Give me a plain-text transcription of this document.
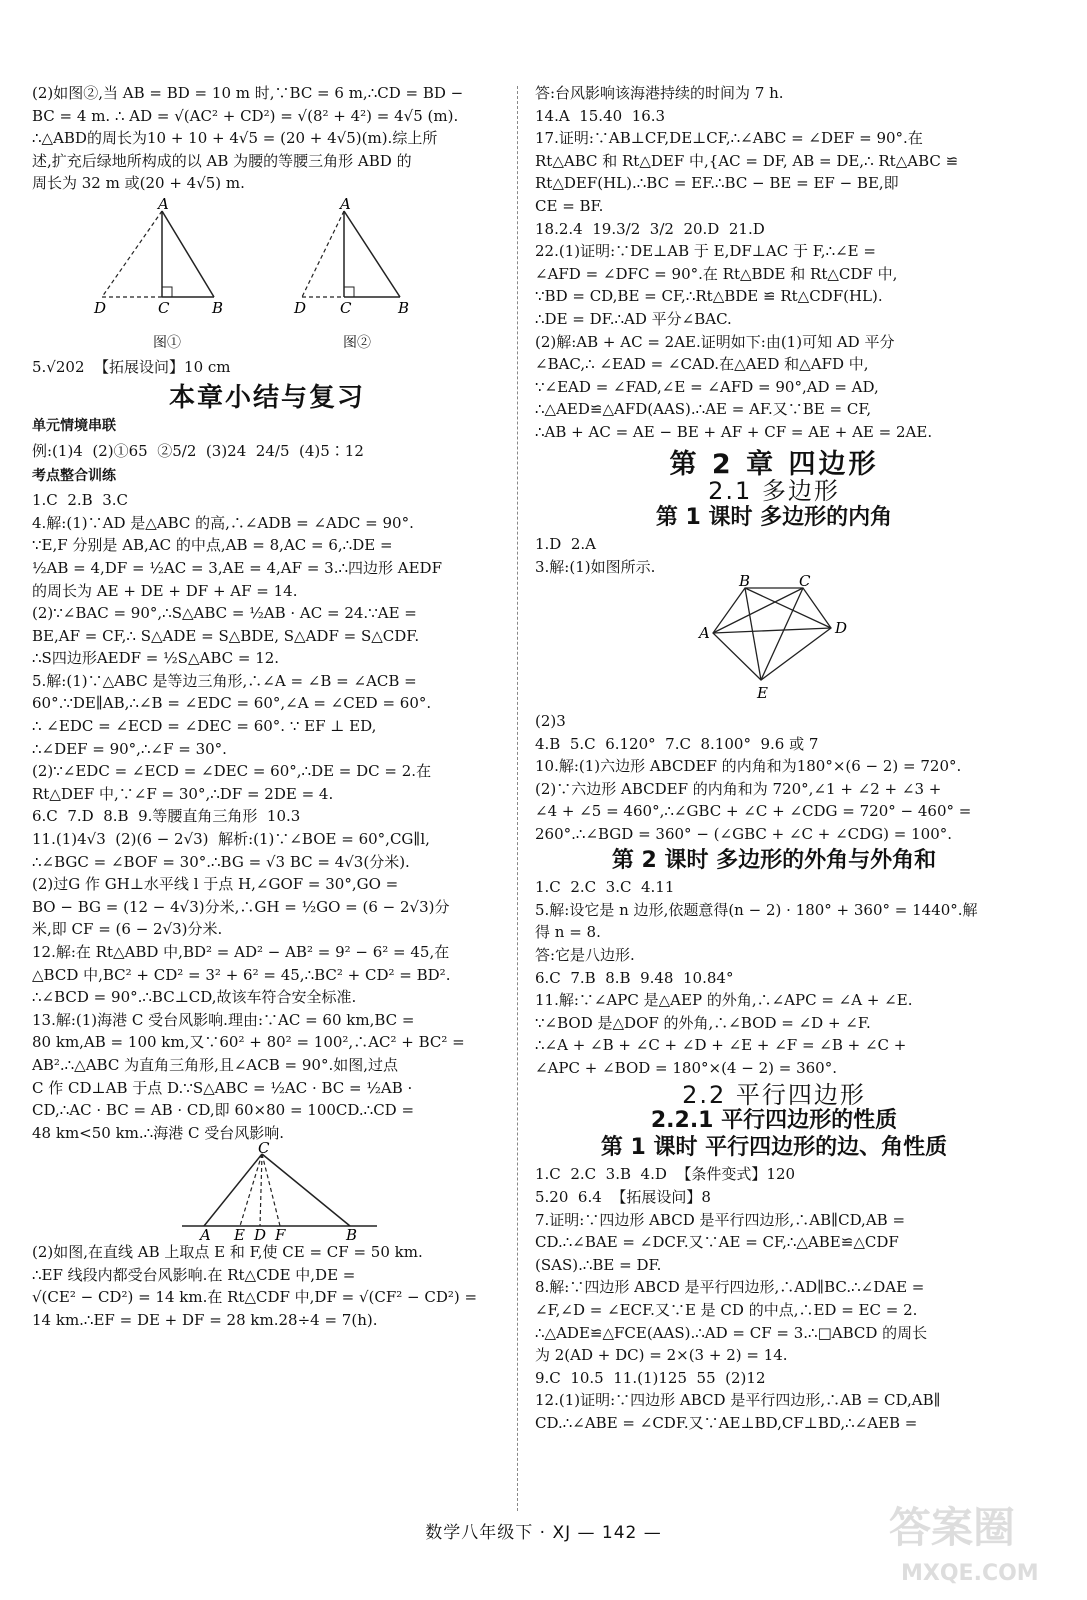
(2)如图②,当 AB = BD = 10 m 时,∵BC = 6 m,∴CD = BD −
BC = 4 m. ∴ AD = √(AC² + CD²) = √(8² + 4²) = 4√5 (m).
∴△ABD的周长为10 + 10 + 4√5 = (20 + 4√5)(m).综上所
述,扩充后绿地所构成的以 AB 为腰的等腰三角形 ABD 的
周长为 32 m 或(20 + 4√5) m.
A
D	C	B
图①
A
D C	B
图②
5.√202  【拓展设问】10 cm
本章小结与复习
单元情境串联
例:(1)4  (2)①65  ②5/2  (3)24  24/5  (4)5∶12
考点整合训练
1.C  2.B  3.C
4.解:(1)∵AD 是△ABC 的高,∴∠ADB = ∠ADC = 90°.
∵E,F 分别是 AB,AC 的中点,AB = 8,AC = 6,∴DE =
½AB = 4,DF = ½AC = 3,AE = 4,AF = 3.∴四边形 AEDF
的周长为 AE + DE + DF + AF = 14.
(2)∵∠BAC = 90°,∴S△ABC = ½AB · AC = 24.∵AE =
BE,AF = CF,∴ S△ADE = S△BDE, S△ADF = S△CDF.
∴S四边形AEDF = ½S△ABC = 12.
5.解:(1)∵△ABC 是等边三角形,∴∠A = ∠B = ∠ACB =
60°.∵DE∥AB,∴∠B = ∠EDC = 60°,∠A = ∠CED = 60°.
∴ ∠EDC = ∠ECD = ∠DEC = 60°. ∵ EF ⊥ ED,
∴∠DEF = 90°,∴∠F = 30°.
(2)∵∠EDC = ∠ECD = ∠DEC = 60°,∴DE = DC = 2.在
Rt△DEF 中,∵∠F = 30°,∴DF = 2DE = 4.
6.C  7.D  8.B  9.等腰直角三角形  10.3
11.(1)4√3  (2)(6 − 2√3)  解析:(1)∵∠BOE = 60°,CG∥l,
∴∠BGC = ∠BOF = 30°.∴BG = √3 BC = 4√3(分米).
(2)过G 作 GH⊥水平线 l 于点 H,∠GOF = 30°,GO =
BO − BG = (12 − 4√3)分米,∴GH = ½GO = (6 − 2√3)分
米,即 CF = (6 − 2√3)分米.
12.解:在 Rt△ABD 中,BD² = AD² − AB² = 9² − 6² = 45,在
△BCD 中,BC² + CD² = 3² + 6² = 45,∴BC² + CD² = BD².
∴∠BCD = 90°.∴BC⊥CD,故该车符合安全标准.
13.解:(1)海港 C 受台风影响.理由:∵AC = 60 km,BC =
80 km,AB = 100 km,又∵60² + 80² = 100²,∴AC² + BC² =
AB².∴△ABC 为直角三角形,且∠ACB = 90°.如图,过点
C 作 CD⊥AB 于点 D.∵S△ABC = ½AC · BC = ½AB ·
CD,∴AC · BC = AB · CD,即 60×80 = 100CD.∴CD =
48 km<50 km.∴海港 C 受台风影响.
C
A E D F	B
(2)如图,在直线 AB 上取点 E 和 F,使 CE = CF = 50 km.
∴EF 线段内都受台风影响.在 Rt△CDE 中,DE =
√(CE² − CD²) = 14 km.在 Rt△CDF 中,DF = √(CF² − CD²) =
14 km.∴EF = DE + DF = 28 km.28÷4 = 7(h).
答:台风影响该海港持续的时间为 7 h.
14.A  15.40  16.3
17.证明:∵AB⊥CF,DE⊥CF,∴∠ABC = ∠DEF = 90°.在
Rt△ABC 和 Rt△DEF 中,{AC = DF, AB = DE,∴ Rt△ABC ≌
Rt△DEF(HL).∴BC = EF.∴BC − BE = EF − BE,即
CE = BF.
18.2.4  19.3/2  3/2  20.D  21.D
22.(1)证明:∵DE⊥AB 于 E,DF⊥AC 于 F,∴∠E =
∠AFD = ∠DFC = 90°.在 Rt△BDE 和 Rt△CDF 中,
∵BD = CD,BE = CF,∴Rt△BDE ≌ Rt△CDF(HL).
∴DE = DF.∴AD 平分∠BAC.
(2)解:AB + AC = 2AE.证明如下:由(1)可知 AD 平分
∠BAC,∴ ∠EAD = ∠CAD.在△AED 和△AFD 中,
∵∠EAD = ∠FAD,∠E = ∠AFD = 90°,AD = AD,
∴△AED≌△AFD(AAS).∴AE = AF.又∵BE = CF,
∴AB + AC = AE − BE + AF + CF = AE + AE = 2AE.
第 2 章 四边形
2.1 多边形
第 1 课时 多边形的内角
1.D  2.A
3.解:(1)如图所示.
B	C
D
E
A
(2)3
4.B  5.C  6.120°  7.C  8.100°  9.6 或 7
10.解:(1)六边形 ABCDEF 的内角和为180°×(6 − 2) = 720°.
(2)∵六边形 ABCDEF 的内角和为 720°,∠1 + ∠2 + ∠3 +
∠4 + ∠5 = 460°,∴∠GBC + ∠C + ∠CDG = 720° − 460° =
260°.∴∠BGD = 360° − (∠GBC + ∠C + ∠CDG) = 100°.
第 2 课时 多边形的外角与外角和
1.C  2.C  3.C  4.11
5.解:设它是 n 边形,依题意得(n − 2) · 180° + 360° = 1440°.解
得 n = 8.
答:它是八边形.
6.C  7.B  8.B  9.48  10.84°
11.解:∵∠APC 是△AEP 的外角,∴∠APC = ∠A + ∠E.
∵∠BOD 是△DOF 的外角,∴∠BOD = ∠D + ∠F.
∴∠A + ∠B + ∠C + ∠D + ∠E + ∠F = ∠B + ∠C +
∠APC + ∠BOD = 180°×(4 − 2) = 360°.
2.2 平行四边形
2.2.1 平行四边形的性质
第 1 课时 平行四边形的边、角性质
1.C  2.C  3.B  4.D  【条件变式】120
5.20  6.4  【拓展设问】8
7.证明:∵四边形 ABCD 是平行四边形,∴AB∥CD,AB =
CD.∴∠BAE = ∠DCF.又∵AE = CF,∴△ABE≌△CDF
(SAS).∴BE = DF.
8.解:∵四边形 ABCD 是平行四边形,∴AD∥BC.∴∠DAE =
∠F,∠D = ∠ECF.又∵E 是 CD 的中点,∴ED = EC = 2.
∴△ADE≌△FCE(AAS).∴AD = CF = 3.∴□ABCD 的周长
为 2(AD + DC) = 2×(3 + 2) = 14.
9.C  10.5  11.(1)125  55  (2)12
12.(1)证明:∵四边形 ABCD 是平行四边形,∴AB = CD,AB∥
CD.∴∠ABE = ∠CDF.又∵AE⊥BD,CF⊥BD,∴∠AEB =
数学八年级下 · XJ — 142 —	答案圈
MXQE.COM
